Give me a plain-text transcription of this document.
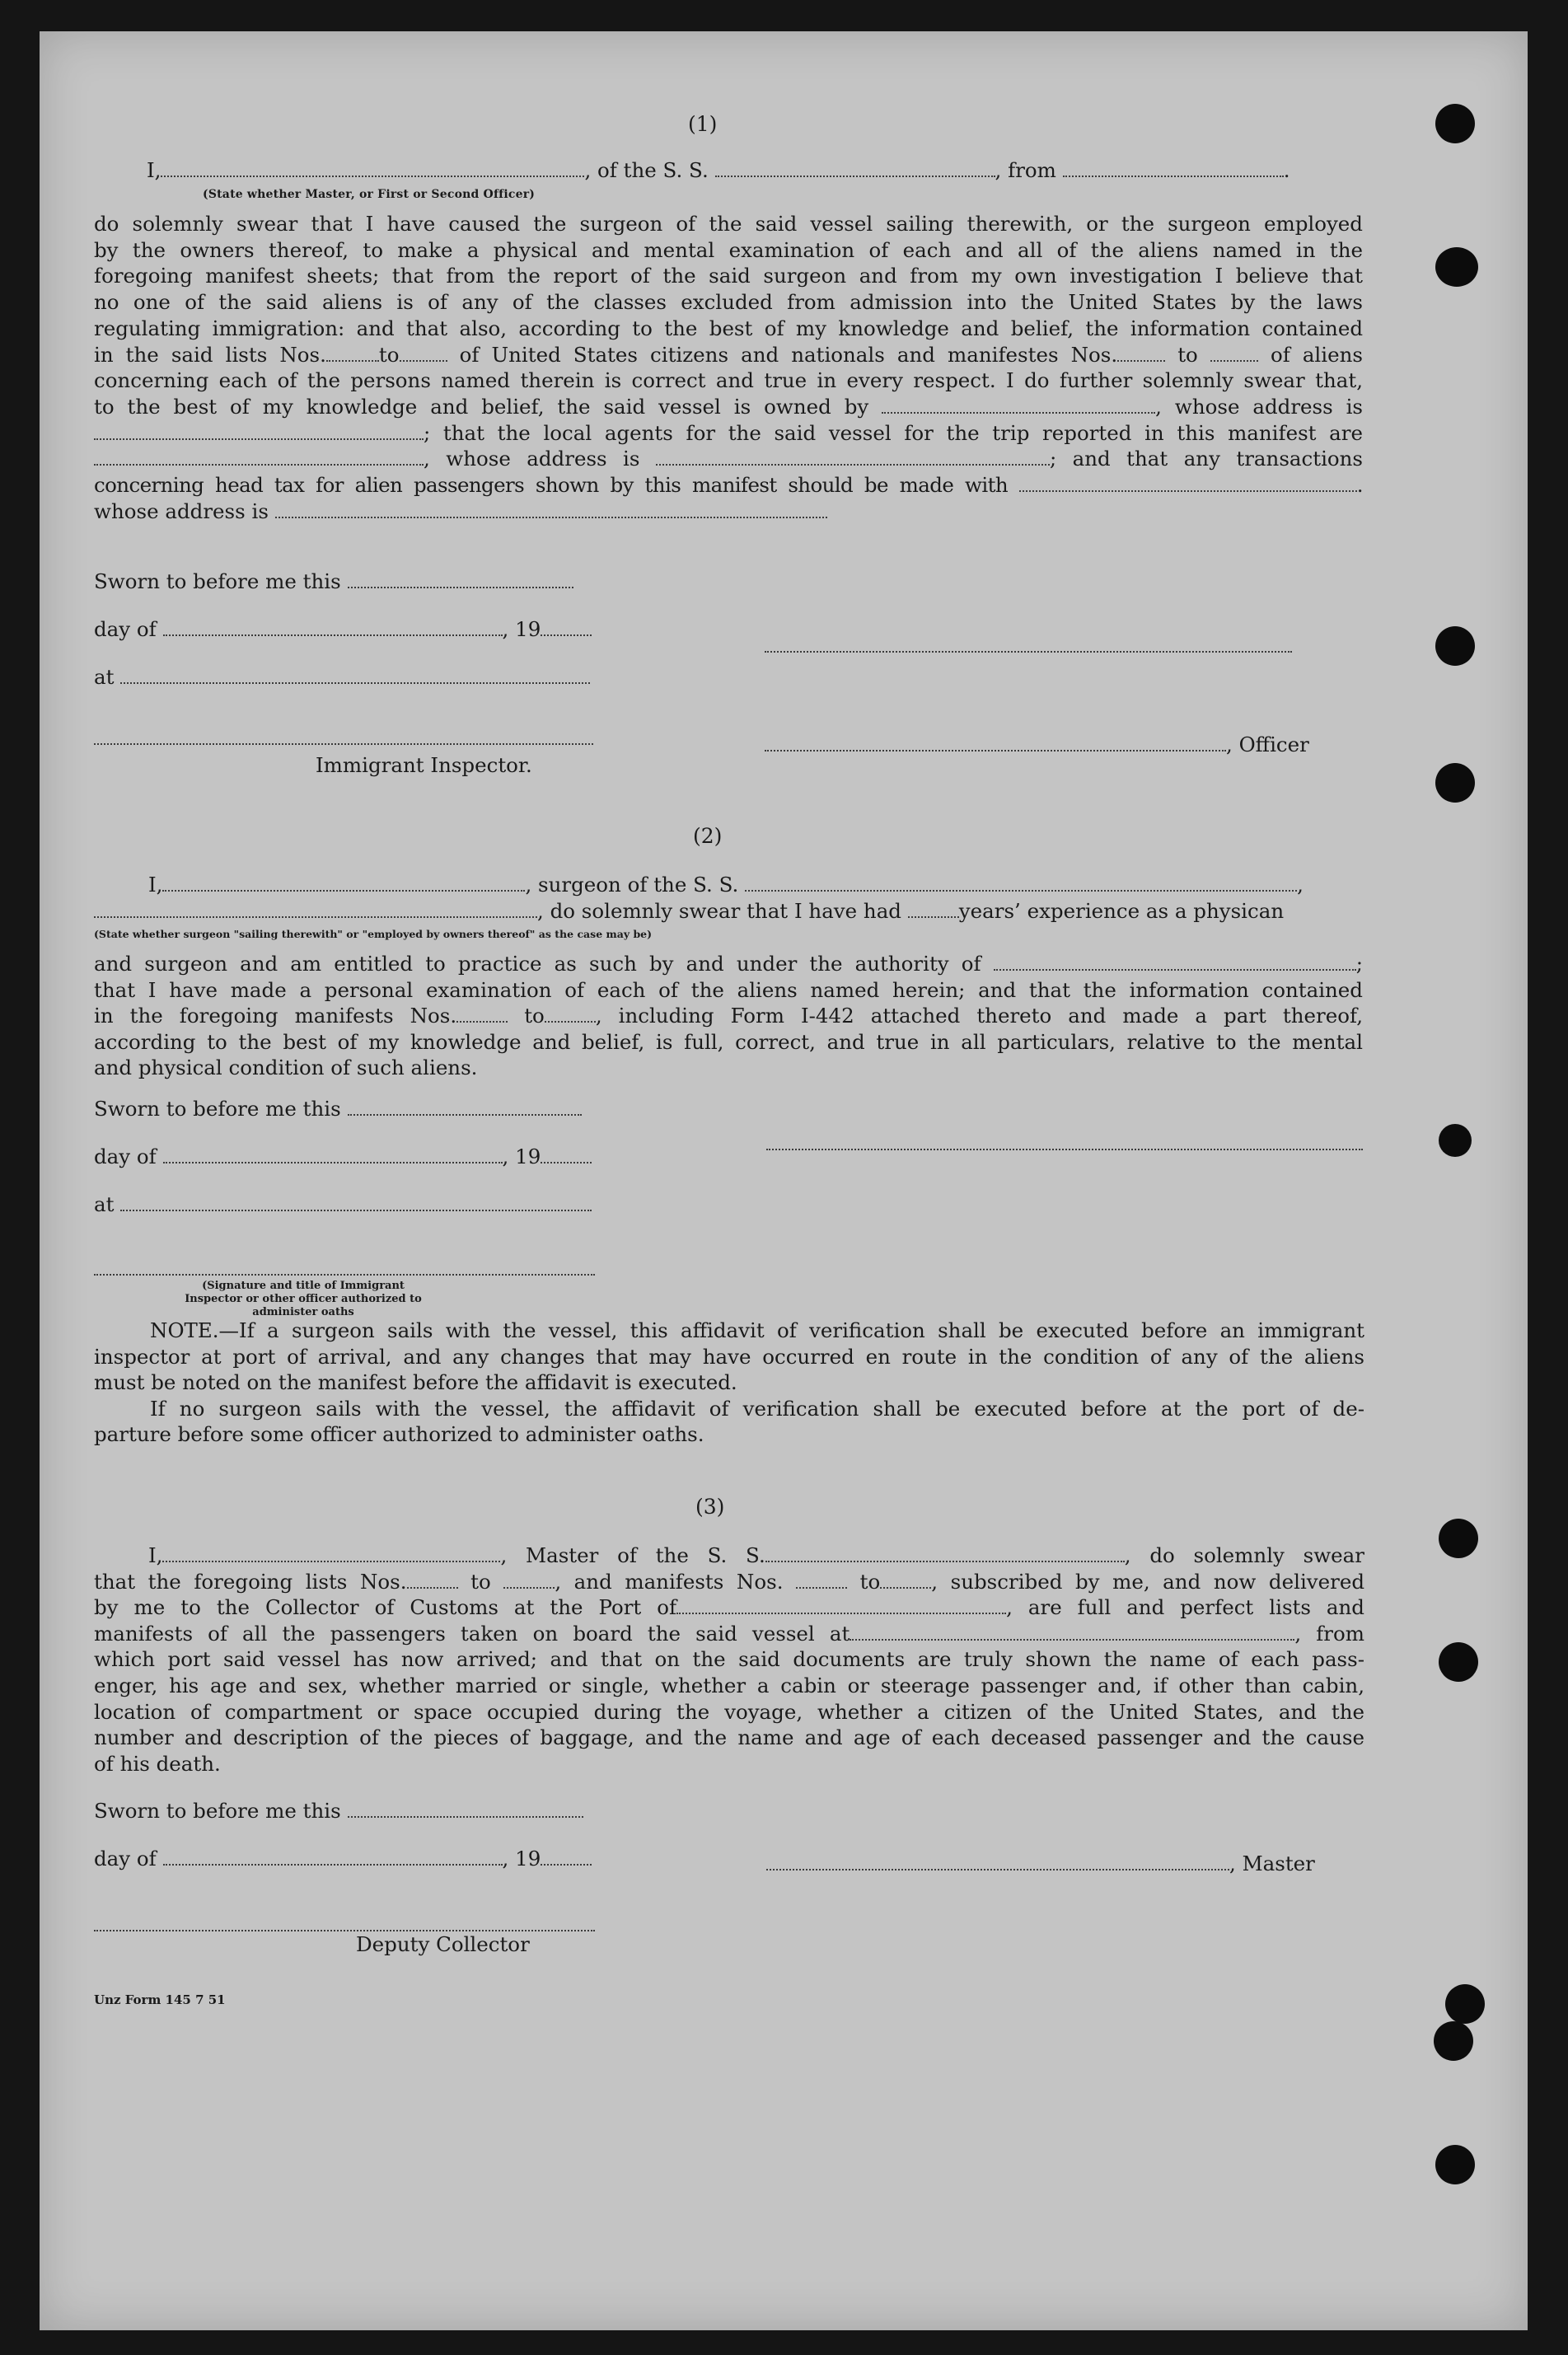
(1)
I,	, of the S. S.	, from	.
(State whether Master, or First or Second Officer)
do solemnly swear that I have caused the surgeon of the said vessel sailing therewith, or the surgeon employed
by the owners thereof, to make a physical and mental examination of each and all of the aliens named in the
foregoing manifest sheets; that from the report of the said surgeon and from my own investigation I believe that
no one of the said aliens is of any of the classes excluded from admission into the United States by the laws
regulating immigration: and that also, according to the best of my knowledge and belief, the information contained
in the said lists Nos.	to	of United States citizens and nationals and manifestes Nos.	to	of aliens
concerning each of the persons named therein is correct and true in every respect. I do further solemnly swear that,
to the best of my knowledge and belief, the said vessel is owned by	, whose address is
; that the local agents for the said vessel for the trip reported in this manifest are
, whose address is	; and that any transactions
concerning head tax for alien passengers shown by this manifest should be made with	.
whose address is
Sworn to before me this
day of	, 19
at
, Officer
Immigrant Inspector.
(2)
I,	, surgeon of the S. S.	,
, do solemnly swear that I have had	years’ experience as a physican
(State whether surgeon "sailing therewith" or "employed by owners thereof" as the case may be)
and surgeon and am entitled to practice as such by and under the authority of	;
that I have made a personal examination of each of the aliens named herein; and that the information contained
in the foregoing manifests Nos.	to	, including Form I-442 attached thereto and made a part thereof,
according to the best of my knowledge and belief, is full, correct, and true in all particulars, relative to the mental
and physical condition of such aliens.
Sworn to before me this
day of	, 19
at
(Signature and title of Immigrant Inspector or other officer authorized to administer oaths
NOTE.—If a surgeon sails with the vessel, this affidavit of verification shall be executed before an immigrant
inspector at port of arrival, and any changes that may have occurred en route in the condition of any of the aliens
must be noted on the manifest before the affidavit is executed.
If no surgeon sails with the vessel, the affidavit of verification shall be executed before at the port of de-
parture before some officer authorized to administer oaths.
(3)
I,	, Master of the S. S.	, do solemnly swear
that the foregoing lists Nos.	to	, and manifests Nos.	to	, subscribed by me, and now delivered
by me to the Collector of Customs at the Port of	, are full and perfect lists and
manifests of all the passengers taken on board the said vessel at	, from
which port said vessel has now arrived; and that on the said documents are truly shown the name of each pass-
enger, his age and sex, whether married or single, whether a cabin or steerage passenger and, if other than cabin,
location of compartment or space occupied during the voyage, whether a citizen of the United States, and the
number and description of the pieces of baggage, and the name and age of each deceased passenger and the cause
of his death.
Sworn to before me this
day of	, 19	, Master
Deputy Collector
Unz Form 145 7 51
